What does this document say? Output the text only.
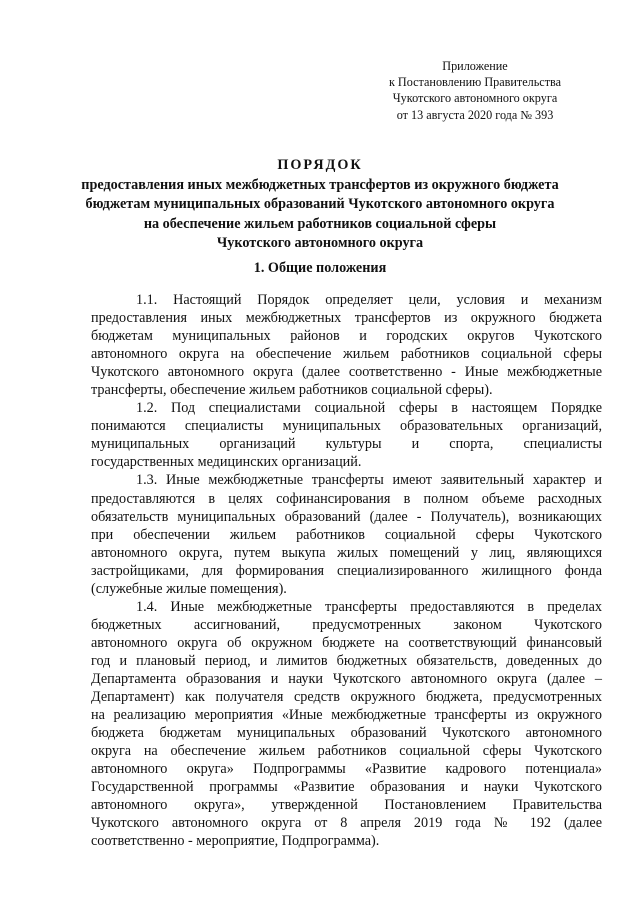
Приложение
к Постановлению Правительства
Чукотского автономного округа
от 13 августа 2020 года № 393
ПОРЯДОК
предоставления иных межбюджетных трансфертов из окружного бюджета
бюджетам муниципальных образований Чукотского автономного округа
на обеспечение жильем работников социальной сферы
Чукотского автономного округа
1. Общие положения
1.1. Настоящий Порядок определяет цели, условия и механизм
предоставления иных межбюджетных трансфертов из окружного бюджета
бюджетам муниципальных районов и городских округов Чукотского
автономного округа на обеспечение жильем работников социальной сферы
Чукотского автономного округа (далее соответственно - Иные межбюджетные
трансферты, обеспечение жильем работников социальной сферы).
1.2. Под специалистами социальной сферы в настоящем Порядке
понимаются специалисты муниципальных образовательных организаций,
муниципальных организаций культуры и спорта, специалисты
государственных медицинских организаций.
1.3. Иные межбюджетные трансферты имеют заявительный характер и
предоставляются в целях софинансирования в полном объеме расходных
обязательств муниципальных образований (далее - Получатель), возникающих
при обеспечении жильем работников социальной сферы Чукотского
автономного округа, путем выкупа жилых помещений у лиц, являющихся
застройщиками, для формирования специализированного жилищного фонда
(служебные жилые помещения).
1.4. Иные межбюджетные трансферты предоставляются в пределах
бюджетных ассигнований, предусмотренных законом Чукотского
автономного округа об окружном бюджете на соответствующий финансовый
год и плановый период, и лимитов бюджетных обязательств, доведенных до
Департамента образования и науки Чукотского автономного округа (далее –
Департамент) как получателя средств окружного бюджета, предусмотренных
на реализацию мероприятия «Иные межбюджетные трансферты из окружного
бюджета бюджетам муниципальных образований Чукотского автономного
округа на обеспечение жильем работников социальной сферы Чукотского
автономного округа» Подпрограммы «Развитие кадрового потенциала»
Государственной программы «Развитие образования и науки Чукотского
автономного округа», утвержденной Постановлением Правительства
Чукотского автономного округа от 8 апреля 2019 года № 192 (далее
соответственно - мероприятие, Подпрограмма).
